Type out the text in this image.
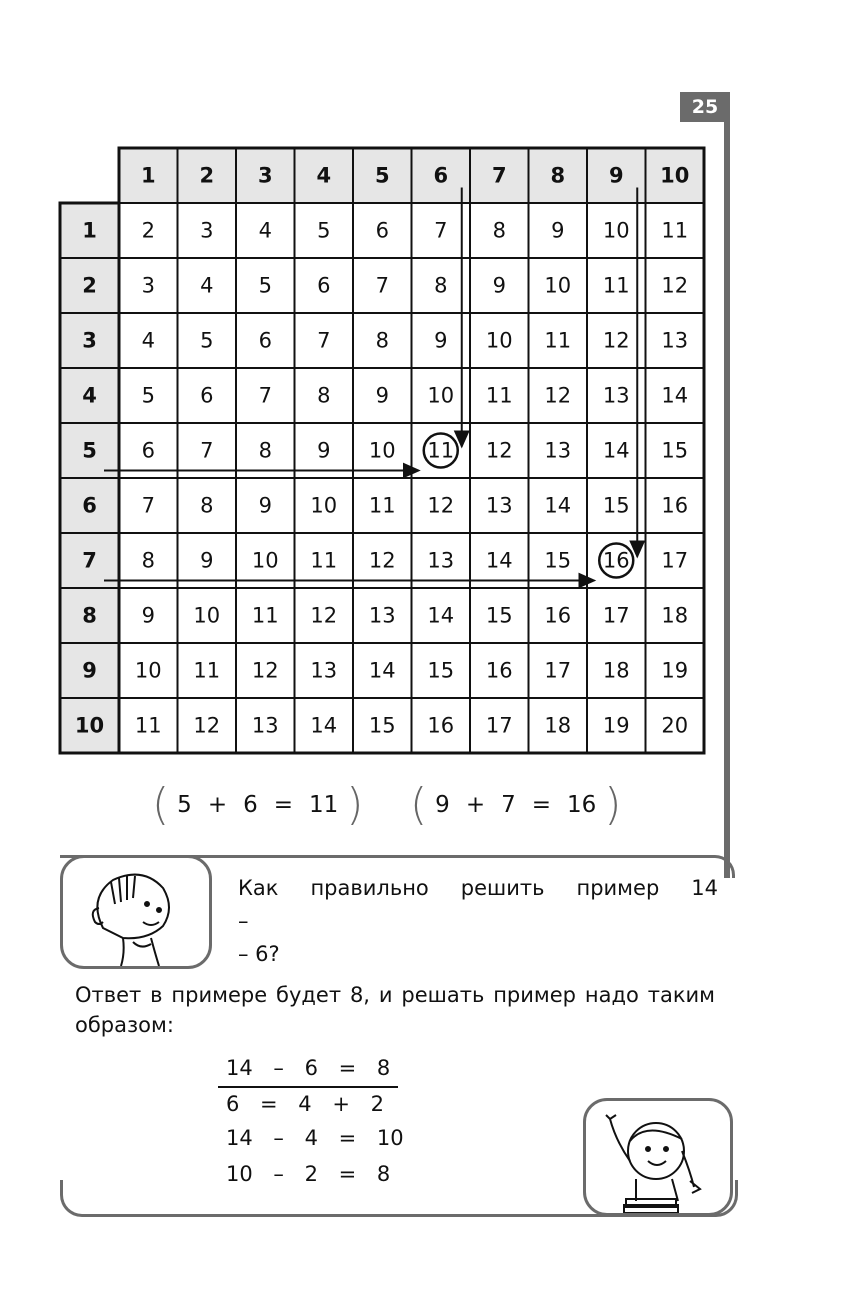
25
1 2 3 4 5 6 7 8 9 10
1 2 3 4 5 6 7 8 9 10 11
2 3 4 5 6 7 8 9 10 11 12
3 4 5 6 7 8 9 10 11 12 13
4 5 6 7 8 9 10 11 12 13 14
5 6 7 8 9 10 11 12 13 14 15
6 7 8 9 10 11 12 13 14 15 16
7 8 9 10 11 12 13 14 15 16 17
8 9 10 11 12 13 14 15 16 17 18
9 10 11 12 13 14 15 16 17 18 19
10 11 12 13 14 15 16 17 18 19 20
( 5 + 6 = 11 ) ( 9 + 7 = 16 )
Как правильно решить пример 14 –
– 6?
Ответ в примере будет 8, и решать пример надо таким образом:
14 – 6 = 8
6 = 4 + 2
14 – 4 = 10
10 – 2 = 8
